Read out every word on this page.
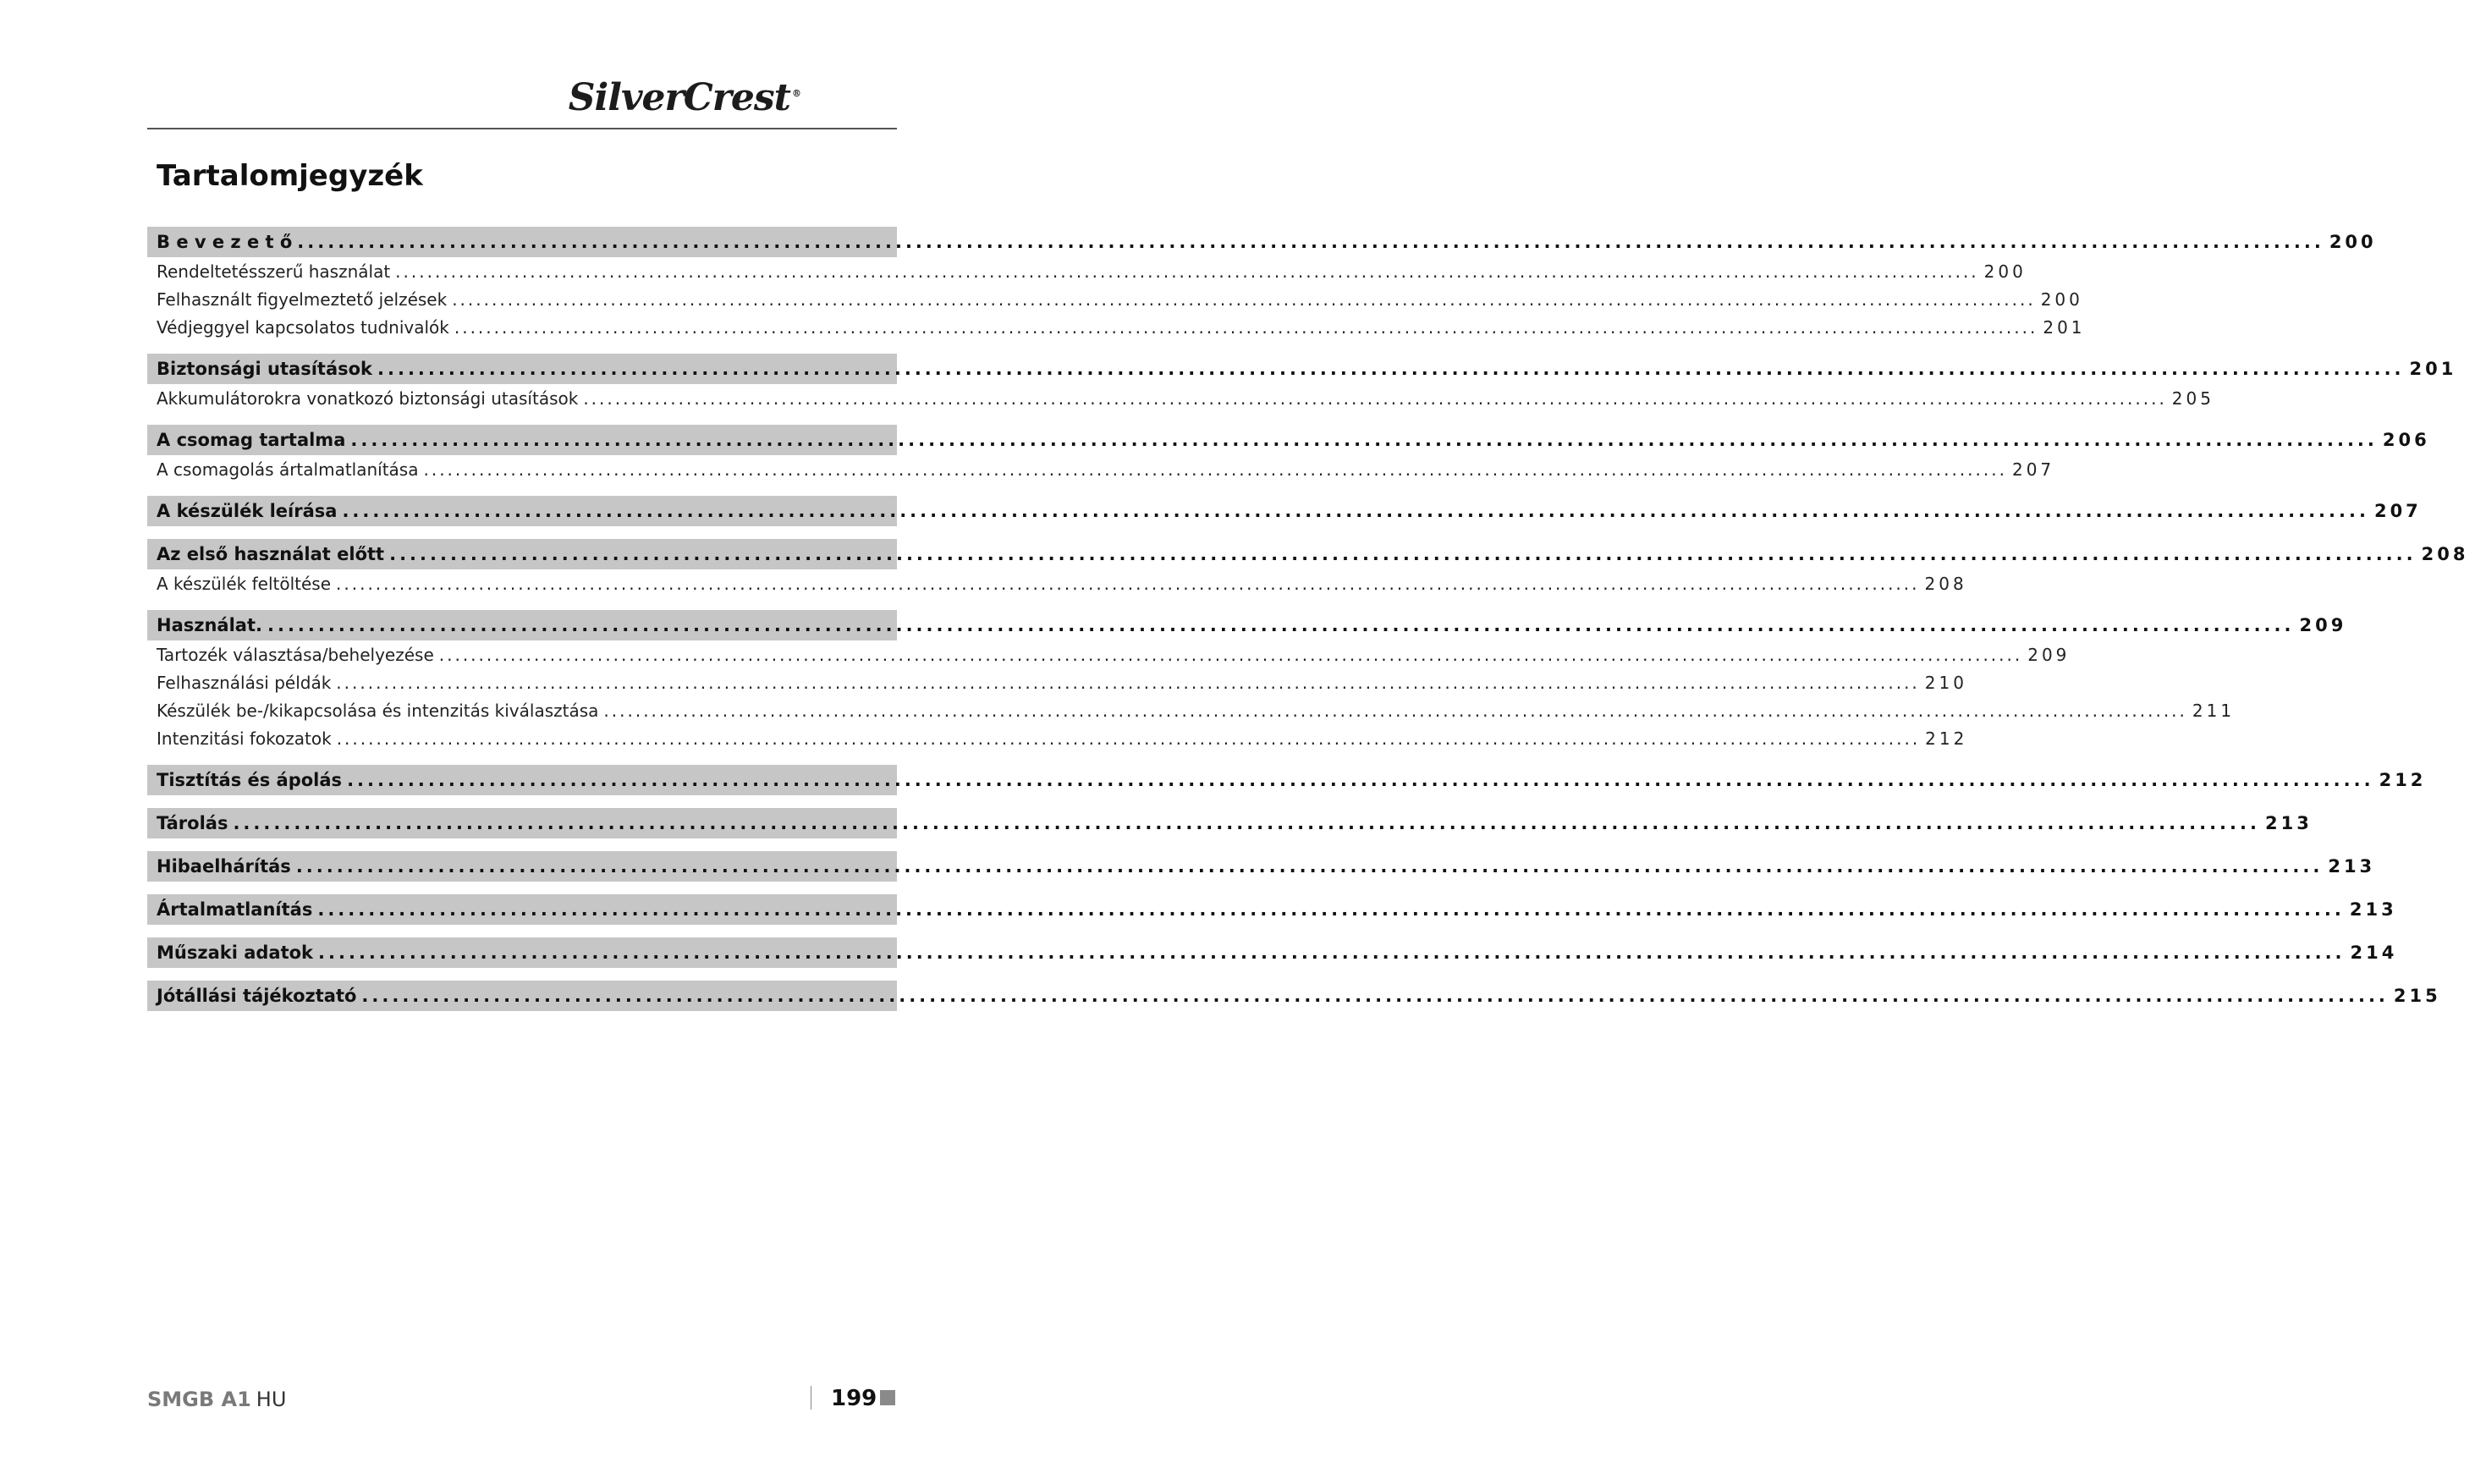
SilverCrest ®
Tartalomjegyzék
B e v e z e t ő ........................................................................................................................................................................................................ 200
Rendeltetésszerű használat ........................................................................................................................................................................................................ 200
Felhasznált figyelmeztető jelzések ........................................................................................................................................................................................................ 200
Védjeggyel kapcsolatos tudnivalók ........................................................................................................................................................................................................ 201
Biztonsági utasítások ........................................................................................................................................................................................................ 201
Akkumulátorokra vonatkozó biztonsági utasítások ........................................................................................................................................................................................................ 205
A csomag tartalma ........................................................................................................................................................................................................ 206
A csomagolás ártalmatlanítása ........................................................................................................................................................................................................ 207
A készülék leírása ........................................................................................................................................................................................................ 207
Az első használat előtt ........................................................................................................................................................................................................ 208
A készülék feltöltése ........................................................................................................................................................................................................ 208
Használat. ........................................................................................................................................................................................................ 209
Tartozék választása/behelyezése ........................................................................................................................................................................................................ 209
Felhasználási példák ........................................................................................................................................................................................................ 210
Készülék be-/kikapcsolása és intenzitás kiválasztása ........................................................................................................................................................................................................ 211
Intenzitási fokozatok ........................................................................................................................................................................................................ 212
Tisztítás és ápolás ........................................................................................................................................................................................................ 212
Tárolás ........................................................................................................................................................................................................ 213
Hibaelhárítás ........................................................................................................................................................................................................ 213
Ártalmatlanítás ........................................................................................................................................................................................................ 213
Műszaki adatok ........................................................................................................................................................................................................ 214
Jótállási tájékoztató ........................................................................................................................................................................................................ 215
SMGB A1 HU	199
